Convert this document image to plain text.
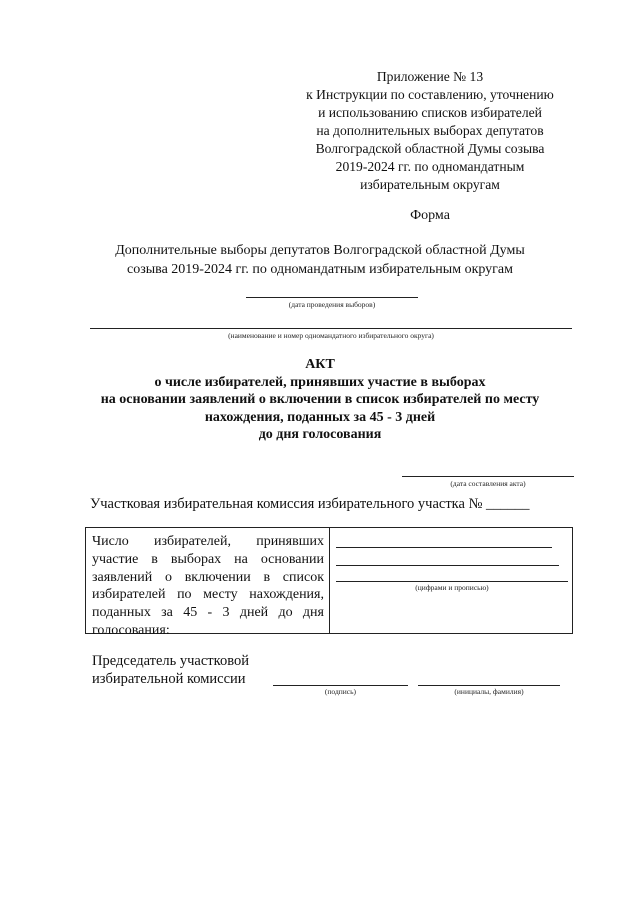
Приложение № 13
к Инструкции по составлению, уточнению
и использованию списков избирателей
на дополнительных выборах депутатов
Волгоградской областной Думы созыва
2019-2024 гг. по одномандатным
избирательным округам
Форма
Дополнительные выборы депутатов Волгоградской областной Думы
созыва 2019-2024 гг. по одномандатным избирательным округам
(дата проведения выборов)
(наименование и номер одномандатного избирательного округа)
АКТ
о числе избирателей, принявших участие в выборах
на основании заявлений о включении в список избирателей по месту
нахождения, поданных за 45 - 3 дней
до дня голосования
(дата составления акта)
Участковая избирательная комиссия избирательного участка № ______
Число избирателей, принявших участие в выборах на основании заявлений о включении в список избирателей по месту нахождения, поданных за 45 - 3 дней до дня голосования:
(цифрами и прописью)
Председатель участковой
избирательной комиссии
(подпись)	(инициалы, фамилия)
